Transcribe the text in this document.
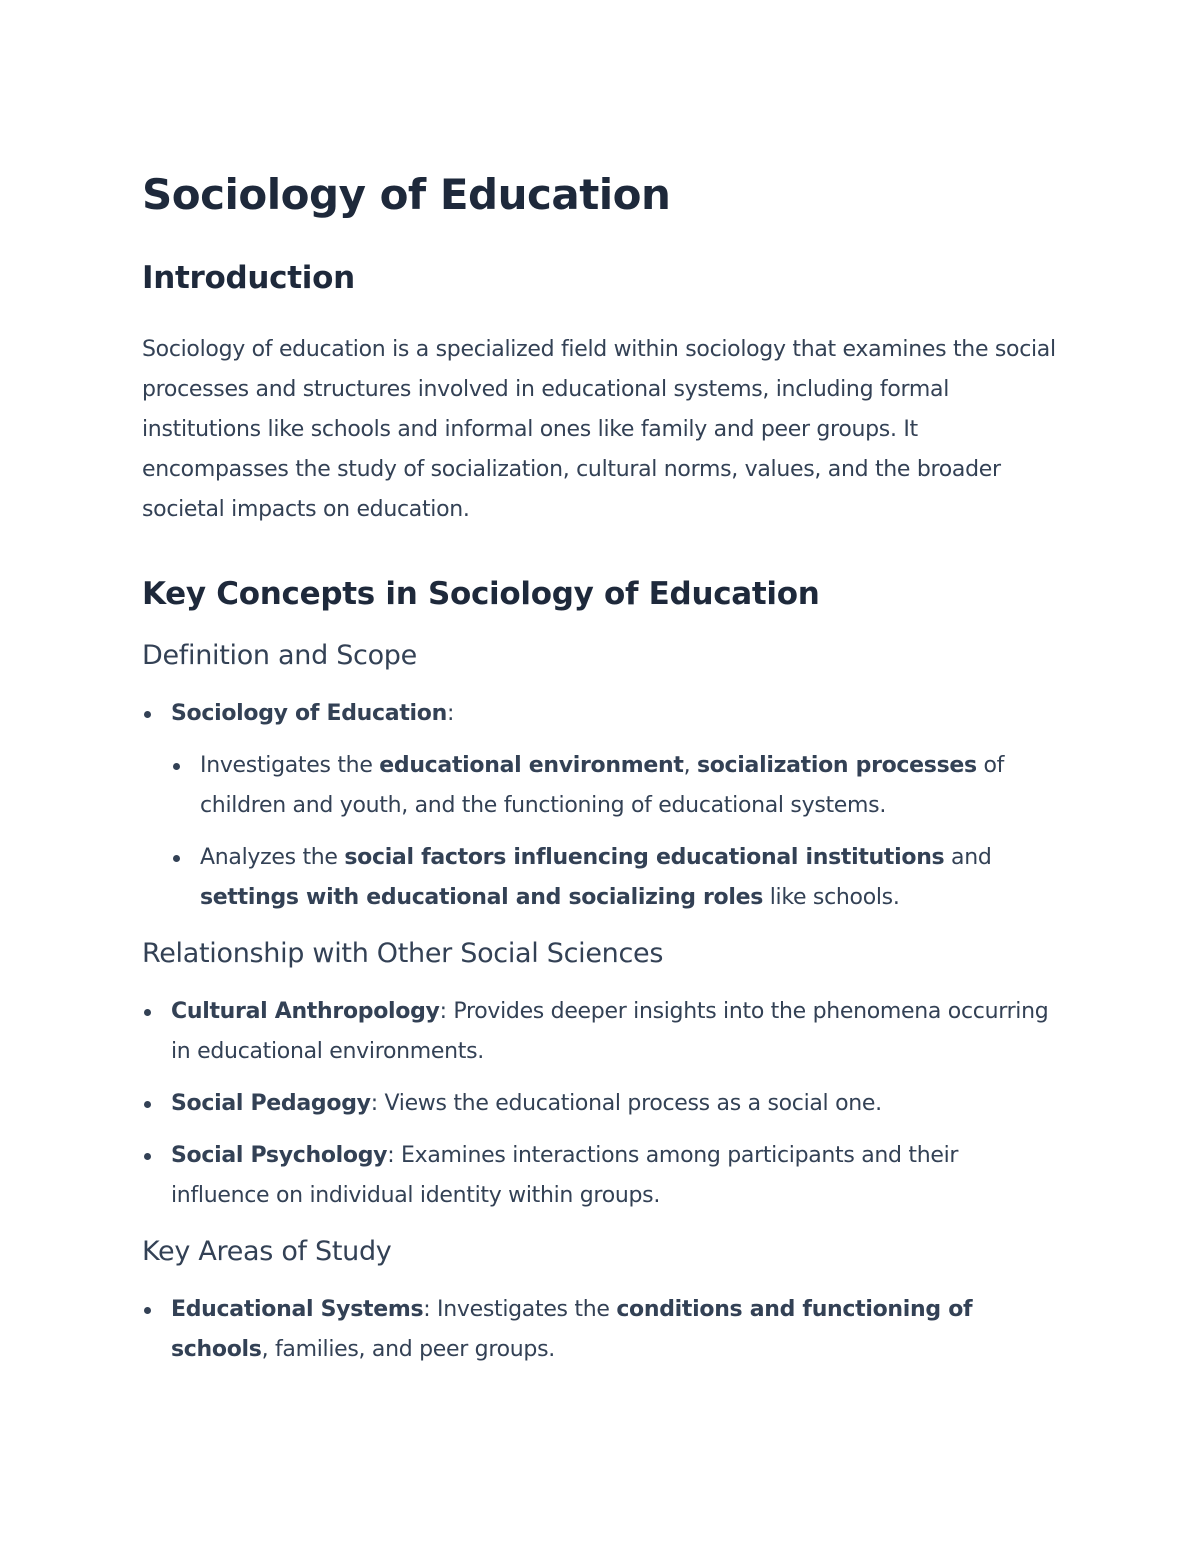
Sociology of Education
Introduction

Sociology of education is a specialized field within sociology that examines the social processes and structures involved in educational systems, including formal institutions like schools and informal ones like family and peer groups. It encompasses the study of socialization, cultural norms, values, and the broader societal impacts on education.

Key Concepts in Sociology of Education
Definition and Scope
Sociology of Education:
Investigates the educational environment, socialization processes of children and youth, and the functioning of educational systems.
Analyzes the social factors influencing educational institutions and settings with educational and socializing roles like schools.
Relationship with Other Social Sciences
Cultural Anthropology: Provides deeper insights into the phenomena occurring in educational environments.
Social Pedagogy: Views the educational process as a social one.
Social Psychology: Examines interactions among participants and their influence on individual identity within groups.
Key Areas of Study
Educational Systems: Investigates the conditions and functioning of schools, families, and peer groups.
